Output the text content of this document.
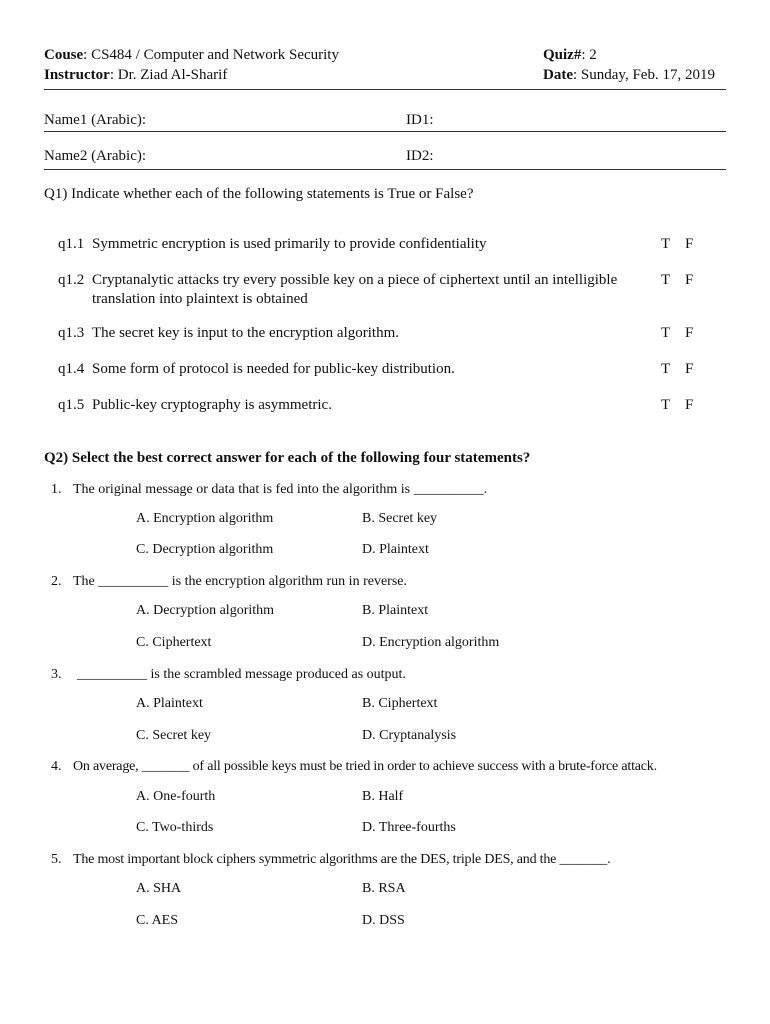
Couse: CS484 / Computer and Network Security
Instructor: Dr. Ziad Al-Sharif
Quiz#: 2
Date: Sunday, Feb. 17, 2019
Name1 (Arabic):	ID1:
Name2 (Arabic):	ID2:
Q1) Indicate whether each of the following statements is True or False?
q1.1 Symmetric encryption is used primarily to provide confidentiality	T F
q1.2 Cryptanalytic attacks try every possible key on a piece of ciphertext until an intelligible
translation into plaintext is obtained
T F
q1.3 The secret key is input to the encryption algorithm.	T F
q1.4 Some form of protocol is needed for public-key distribution.	T F
q1.5 Public-key cryptography is asymmetric.	T F
Q2) Select the best correct answer for each of the following four statements?
1. The original message or data that is fed into the algorithm is __________.
A. Encryption algorithm	B. Secret key
C. Decryption algorithm	D. Plaintext
2. The __________ is the encryption algorithm run in reverse.
A. Decryption algorithm	B. Plaintext
C. Ciphertext	D. Encryption algorithm
3. __________ is the scrambled message produced as output.
A. Plaintext	B. Ciphertext
C. Secret key	D. Cryptanalysis
4. On average, _______ of all possible keys must be tried in order to achieve success with a brute-force attack.
A. One-fourth	B. Half
C. Two-thirds	D. Three-fourths
5. The most important block ciphers symmetric algorithms are the DES, triple DES, and the _______.
A. SHA	B. RSA
C. AES	D. DSS
